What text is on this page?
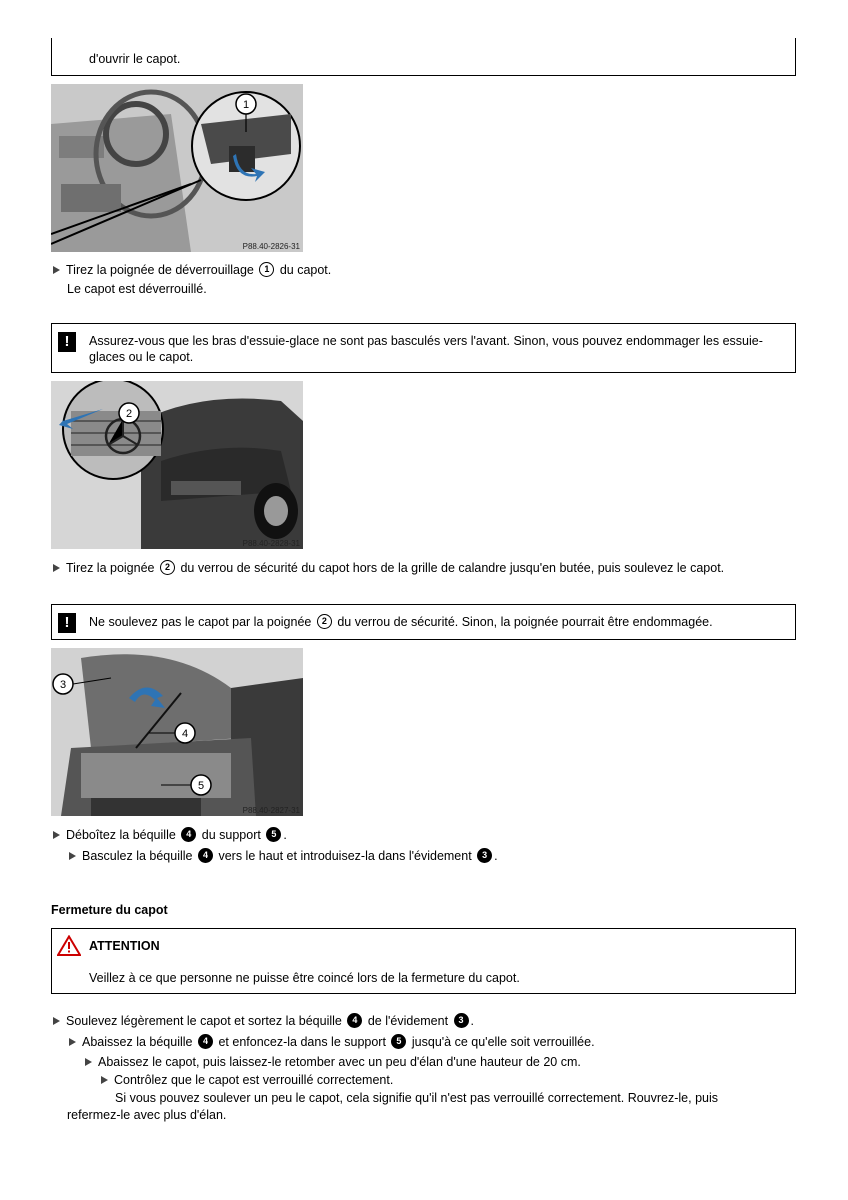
d'ouvrir le capot.
1
P88.40-2826-31
Tirez la poignée de déverrouillage 1 du capot.
Le capot est déverrouillé.
!	Assurez-vous que les bras d'essuie-glace ne sont pas basculés vers l'avant. Sinon, vous pouvez endommager les essuie-glaces ou le capot.
2
P88.40-2828-31
Tirez la poignée 2 du verrou de sécurité du capot hors de la grille de calandre jusqu'en butée, puis soulevez le capot.
!	Ne soulevez pas le capot par la poignée 2 du verrou de sécurité. Sinon, la poignée pourrait être endommagée.
3
4
5
P88.40-2827-31
Déboîtez la béquille 4 du support 5 .
Basculez la béquille 4 vers le haut et introduisez-la dans l'évidement 3 .
Fermeture du capot
ATTENTION
Veillez à ce que personne ne puisse être coincé lors de la fermeture du capot.
Soulevez légèrement le capot et sortez la béquille 4 de l'évidement 3 .
Abaissez la béquille 4 et enfoncez-la dans le support 5 jusqu'à ce qu'elle soit verrouillée.
Abaissez le capot, puis laissez-le retomber avec un peu d'élan d'une hauteur de 20 cm.
Contrôlez que le capot est verrouillé correctement.
Si vous pouvez soulever un peu le capot, cela signifie qu'il n'est pas verrouillé correctement. Rouvrez-le, puis
refermez-le avec plus d'élan.
